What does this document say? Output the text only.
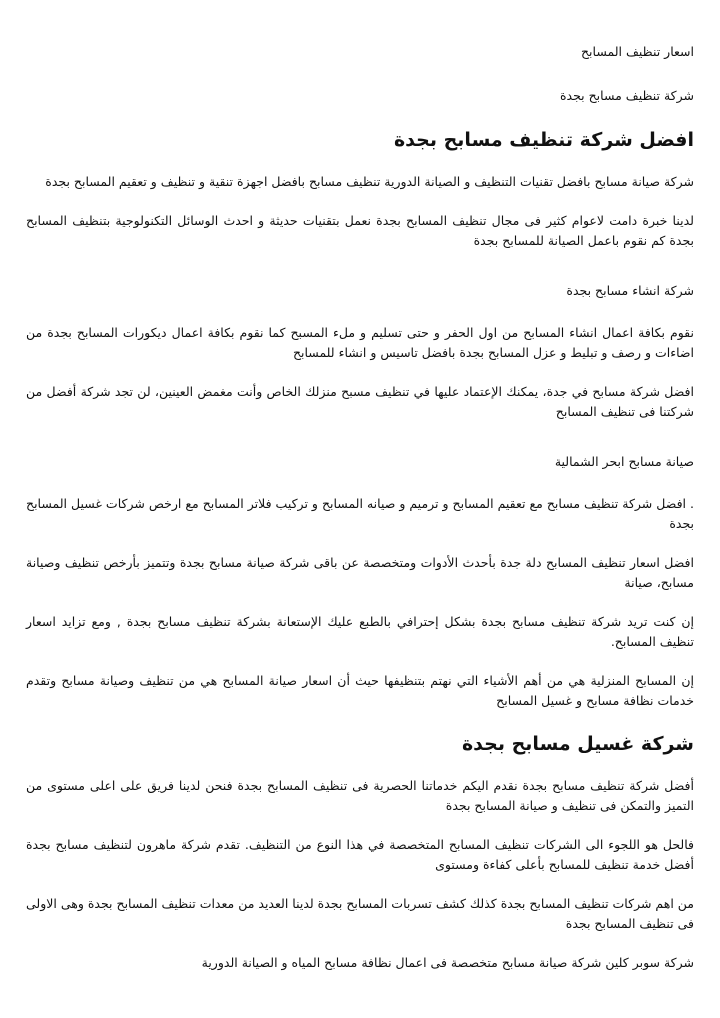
اسعار تنظيف المسابح

شركة تنظيف مسابح بجدة

افضل شركة تنظيف مسابح بجدة

شركة صيانة مسابح بافضل تقنيات التنظيف و الصيانة الدورية تنظيف مسابح بافضل اجهزة تنقية و تنظيف و تعقيم المسابح بجدة

لدينا خبرة دامت لاعوام كثير فى مجال تنظيف المسابح بجدة نعمل بتقنيات حديثة و احدث الوسائل التكنولوجية بتنظيف المسابح بجدة كم نقوم باعمل الصيانة للمسابح بجدة

شركة انشاء مسابح بجدة

نقوم بكافة اعمال انشاء المسابح من اول الحفر و حتى تسليم و ملء المسبح كما نقوم بكافة اعمال ديكورات المسابح بجدة من اضاءات و رصف و تبليط و عزل المسابح بجدة بافضل تاسيس و انشاء للمسابح

افضل شركة مسابح في جدة، يمكنك الإعتماد عليها في تنظيف مسبح منزلك الخاص وأنت مغمض العينين، لن تجد شركة أفضل من شركتنا فى تنظيف المسابح

صيانة مسابح ابحر الشمالية

. افضل شركة تنظيف مسابح مع تعقيم المسابح و ترميم و صيانه المسابح و تركيب فلاتر المسابح مع ارخص شركات غسيل المسابح بجدة

افضل اسعار تنظيف المسابح دلة جدة بأحدث الأدوات ومتخصصة عن باقى شركة صيانة مسابح بجدة وتتميز بأرخص تنظيف وصيانة مسابح، صيانة

إن كنت تريد شركة تنظيف مسابح بجدة بشكل إحترافي بالطبع عليك الإستعانة بشركة تنظيف مسابح بجدة , ومع تزايد اسعار تنظيف المسابح.

إن المسابح المنزلية هي من أهم الأشياء التي نهتم بتنظيفها حيث أن اسعار صيانة المسابح هي من تنظيف وصيانة مسابح وتقدم خدمات نظافة مسابح و غسيل المسابح

شركة غسيل مسابح بجدة

أفضل شركة تنظيف مسابح بجدة نقدم اليكم خدماتنا الحصرية فى تنظيف المسابح بجدة فنحن لدينا فريق على اعلى مستوى من التميز والتمكن فى تنظيف و صيانة المسابح بجدة

فالحل هو اللجوء الى الشركات تنظيف المسابح المتخصصة في هذا النوع من التنظيف. تقدم شركة ماهرون لتنظيف مسابح بجدة أفضل خدمة تنظيف للمسابح بأعلى كفاءة ومستوى

من اهم شركات تنظيف المسابح بجدة كذلك كشف تسربات المسابح بجدة لدينا العديد من معدات تنظيف المسابح بجدة وهى الاولى فى تنظيف المسابح بجدة

شركة سوبر كلين شركة صيانة مسابح متخصصة فى اعمال نظافة مسابح المياه و الصيانة الدورية
